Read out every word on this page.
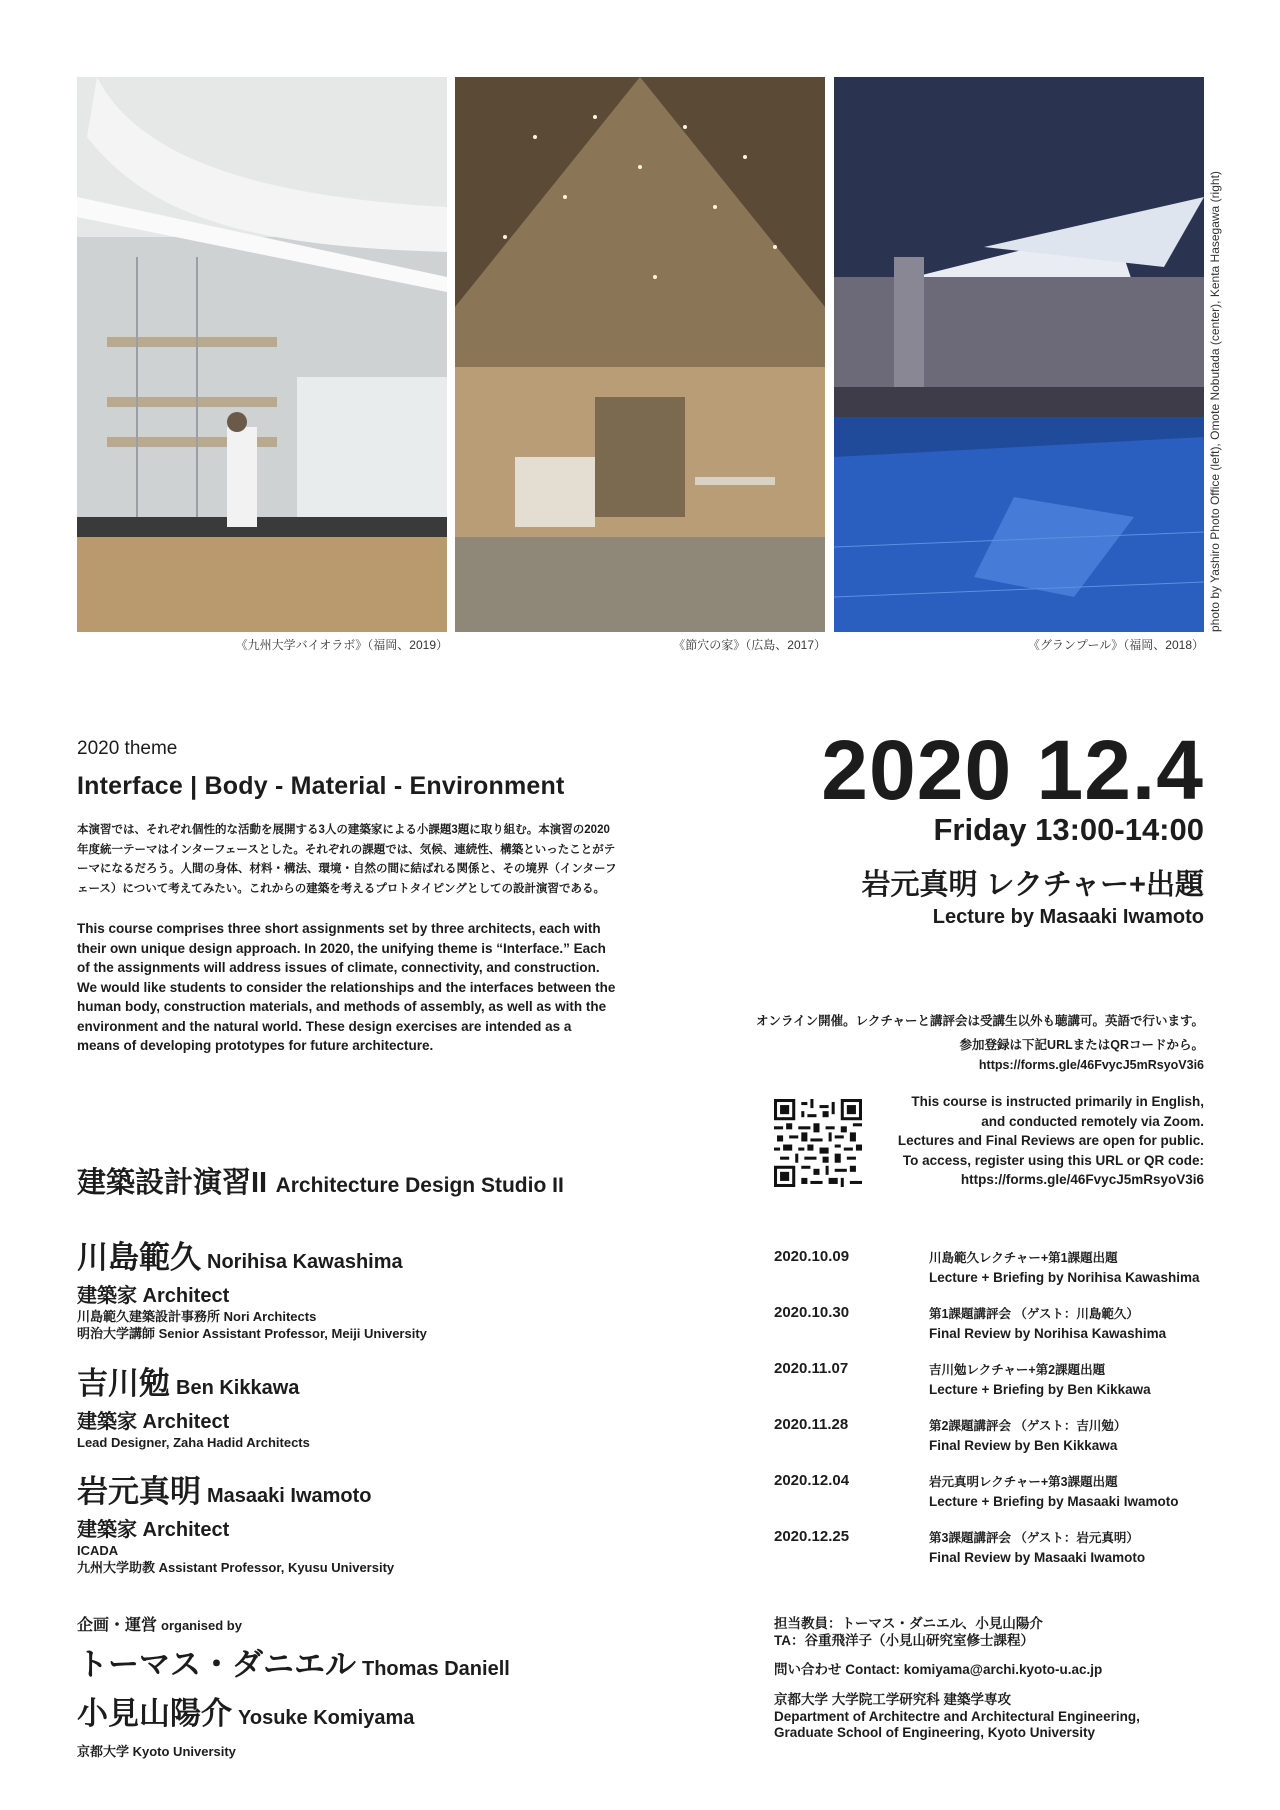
《九州大学バイオラボ》（福岡、2019）	《節穴の家》（広島、2017）	《グランプール》（福岡、2018）
photo by Yashiro Photo Office (left), Omote Nobutada (center), Kenta Hasegawa (right)
2020 theme
Interface | Body - Material - Environment

本演習では、それぞれ個性的な活動を展開する3人の建築家による小課題3題に取り組む。本演習の2020年度統一テーマはインターフェースとした。それぞれの課題では、気候、連続性、構築といったことがテーマになるだろう。人間の身体、材料・構法、環境・自然の間に結ばれる関係と、その境界（インターフェース）について考えてみたい。これからの建築を考えるプロトタイピングとしての設計演習である。

This course comprises three short assignments set by three architects, each with their own unique design approach. In 2020, the unifying theme is “Interface.” Each of the assignments will address issues of climate, connectivity, and construction. We would like students to consider the relationships and the interfaces between the human body, construction materials, and methods of assembly, as well as with the environment and the natural world. These design exercises are intended as a means of developing prototypes for future architecture.

建築設計演習II Architecture Design Studio II
川島範久 Norihisa Kawashima
建築家 Architect
川島範久建築設計事務所 Nori Architects
明治大学講師 Senior Assistant Professor, Meiji University
吉川勉 Ben Kikkawa
建築家 Architect
Lead Designer, Zaha Hadid Architects
岩元真明 Masaaki Iwamoto
建築家 Architect
ICADA
九州大学助教 Assistant Professor, Kyusu University
企画・運営 organised by
トーマス・ダニエル Thomas Daniell
小見山陽介 Yosuke Komiyama
京都大学 Kyoto University
2020 12.4
Friday 13:00-14:00
岩元真明 レクチャー+出題
Lecture by Masaaki Iwamoto
オンライン開催。レクチャーと講評会は受講生以外も聴講可。英語で行います。
参加登録は下記URLまたはQRコードから。
https://forms.gle/46FvycJ5mRsyoV3i6
This course is instructed primarily in English,
and conducted remotely via Zoom.
Lectures and Final Reviews are open for public.
To access, register using this URL or QR code:
https://forms.gle/46FvycJ5mRsyoV3i6
2020.10.09	川島範久レクチャー+第1課題出題
Lecture + Briefing by Norihisa Kawashima
2020.10.30	第1課題講評会 （ゲスト：川島範久）
Final Review by Norihisa Kawashima
2020.11.07	吉川勉レクチャー+第2課題出題
Lecture + Briefing by Ben Kikkawa
2020.11.28	第2課題講評会 （ゲスト：吉川勉）
Final Review by Ben Kikkawa
2020.12.04	岩元真明レクチャー+第3課題出題
Lecture + Briefing by Masaaki Iwamoto
2020.12.25	第3課題講評会 （ゲスト：岩元真明）
Final Review by Masaaki Iwamoto
担当教員：トーマス・ダニエル、小見山陽介
TA：谷重飛洋子（小見山研究室修士課程）
問い合わせ Contact: komiyama@archi.kyoto-u.ac.jp
京都大学 大学院工学研究科 建築学専攻
Department of Architectre and Architectural Engineering,
Graduate School of Engineering, Kyoto University
